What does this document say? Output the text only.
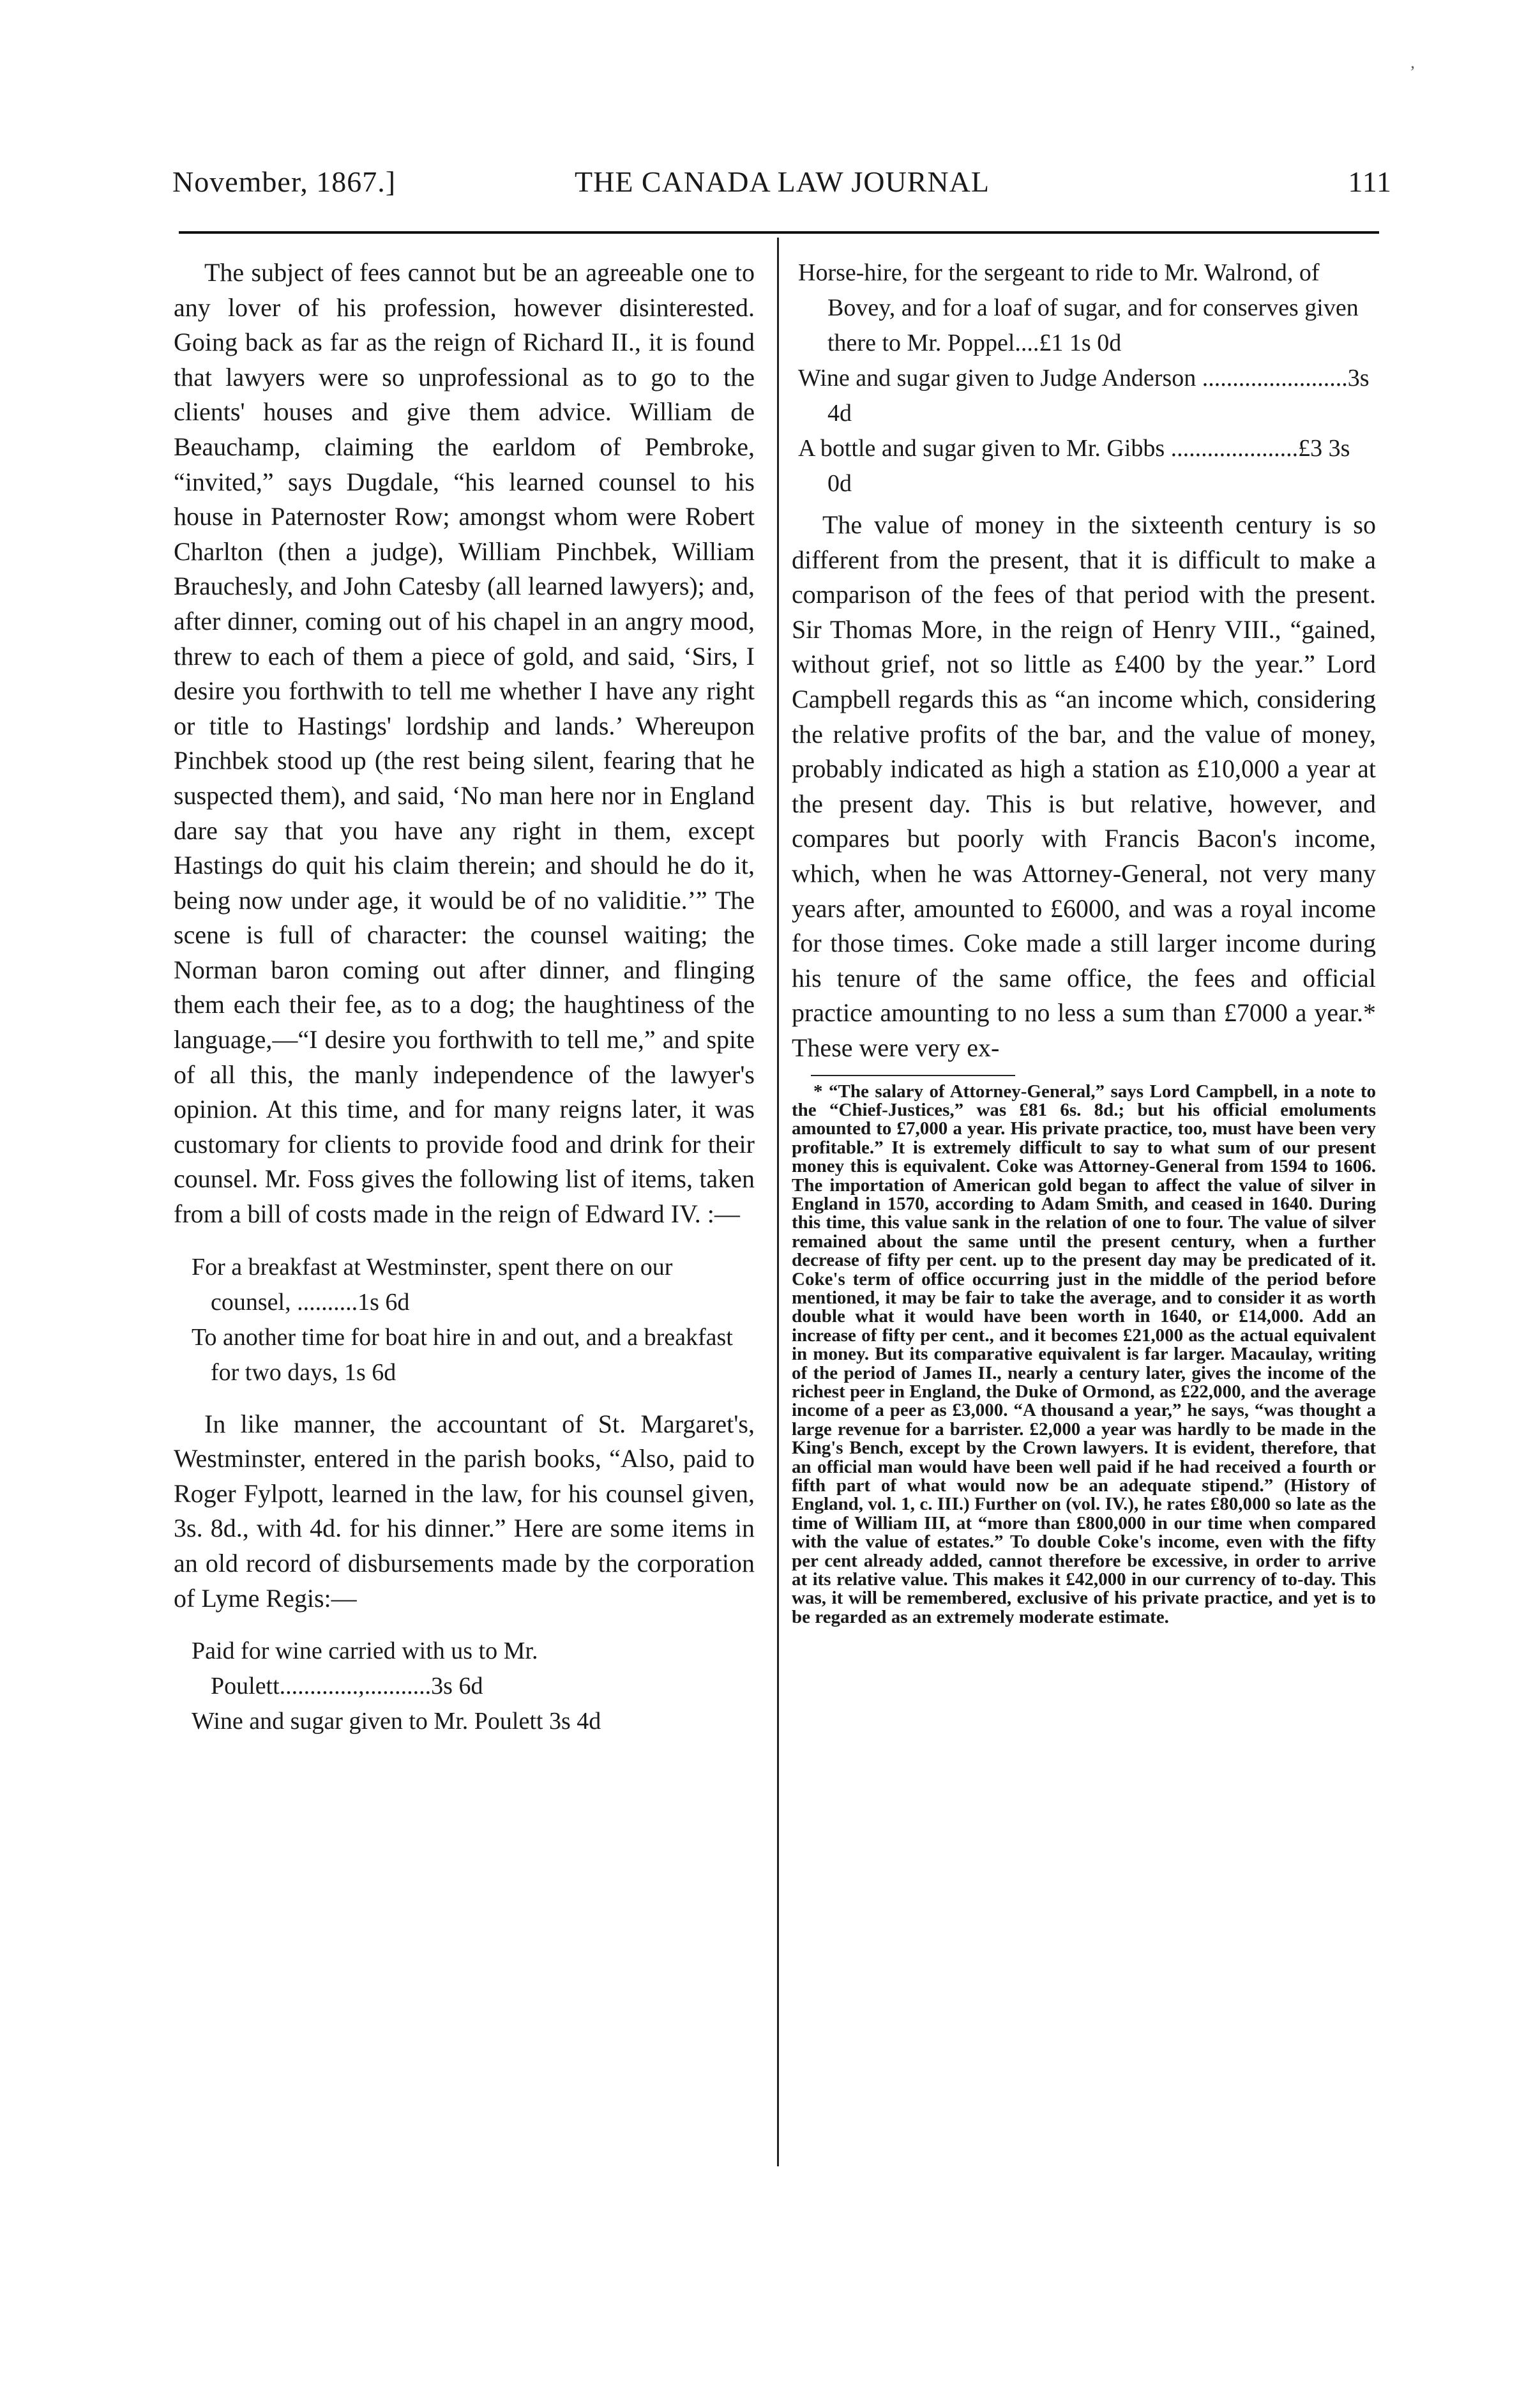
’
November, 1867.]	THE CANADA LAW JOURNAL	111

The subject of fees cannot but be an agreeable one to any lover of his profession, however disinterested. Going back as far as the reign of Richard II., it is found that lawyers were so unprofessional as to go to the clients' houses and give them advice. William de Beauchamp, claiming the earldom of Pembroke, “invited,” says Dugdale, “his learned counsel to his house in Paternoster Row; amongst whom were Robert Charlton (then a judge), William Pinchbek, William Brauchesly, and John Catesby (all learned lawyers); and, after dinner, coming out of his chapel in an angry mood, threw to each of them a piece of gold, and said, ‘Sirs, I desire you forthwith to tell me whether I have any right or title to Hastings' lordship and lands.’ Whereupon Pinchbek stood up (the rest being silent, fearing that he suspected them), and said, ‘No man here nor in England dare say that you have any right in them, except Hastings do quit his claim therein; and should he do it, being now under age, it would be of no validitie.’” The scene is full of character: the counsel waiting; the Norman baron coming out after dinner, and flinging them each their fee, as to a dog; the haughtiness of the language,—“I desire you forthwith to tell me,” and spite of all this, the manly independence of the lawyer's opinion. At this time, and for many reigns later, it was customary for clients to provide food and drink for their counsel. Mr. Foss gives the following list of items, taken from a bill of costs made in the reign of Edward IV. :—

For a breakfast at Westminster, spent there on our counsel, ..........1s 6d

To another time for boat hire in and out, and a breakfast for two days, 1s 6d

In like manner, the accountant of St. Margaret's, Westminster, entered in the parish books, “Also, paid to Roger Fylpott, learned in the law, for his counsel given, 3s. 8d., with 4d. for his dinner.” Here are some items in an old record of disbursements made by the corporation of Lyme Regis:—

Paid for wine carried with us to Mr. Poulett.............,...........3s 6d

Wine and sugar given to Mr. Poulett 3s 4d

Horse-hire, for the sergeant to ride to Mr. Walrond, of Bovey, and for a loaf of sugar, and for conserves given there to Mr. Poppel....£1 1s 0d

Wine and sugar given to Judge Anderson ........................3s 4d

A bottle and sugar given to Mr. Gibbs .....................£3 3s 0d

The value of money in the sixteenth century is so different from the present, that it is difficult to make a comparison of the fees of that period with the present. Sir Thomas More, in the reign of Henry VIII., “gained, without grief, not so little as £400 by the year.” Lord Campbell regards this as “an income which, considering the relative profits of the bar, and the value of money, probably indicated as high a station as £10,000 a year at the present day. This is but relative, however, and compares but poorly with Francis Bacon's income, which, when he was Attorney-General, not very many years after, amounted to £6000, and was a royal income for those times. Coke made a still larger income during his tenure of the same office, the fees and official practice amounting to no less a sum than £7000 a year.* These were very ex-

* “The salary of Attorney-General,” says Lord Campbell, in a note to the “Chief-Justices,” was £81 6s. 8d.; but his official emoluments amounted to £7,000 a year. His private practice, too, must have been very profitable.” It is extremely difficult to say to what sum of our present money this is equivalent. Coke was Attorney-General from 1594 to 1606. The importation of American gold began to affect the value of silver in England in 1570, according to Adam Smith, and ceased in 1640. During this time, this value sank in the relation of one to four. The value of silver remained about the same until the present century, when a further decrease of fifty per cent. up to the present day may be predicated of it. Coke's term of office occurring just in the middle of the period before mentioned, it may be fair to take the average, and to consider it as worth double what it would have been worth in 1640, or £14,000. Add an increase of fifty per cent., and it becomes £21,000 as the actual equivalent in money. But its comparative equivalent is far larger. Macaulay, writing of the period of James II., nearly a century later, gives the income of the richest peer in England, the Duke of Ormond, as £22,000, and the average income of a peer as £3,000. “A thousand a year,” he says, “was thought a large revenue for a barrister. £2,000 a year was hardly to be made in the King's Bench, except by the Crown lawyers. It is evident, therefore, that an official man would have been well paid if he had received a fourth or fifth part of what would now be an adequate stipend.” (History of England, vol. 1, c. III.) Further on (vol. IV.), he rates £80,000 so late as the time of William III, at “more than £800,000 in our time when compared with the value of estates.” To double Coke's income, even with the fifty per cent already added, cannot therefore be excessive, in order to arrive at its relative value. This makes it £42,000 in our currency of to-day. This was, it will be remembered, exclusive of his private practice, and yet is to be regarded as an extremely moderate estimate.
